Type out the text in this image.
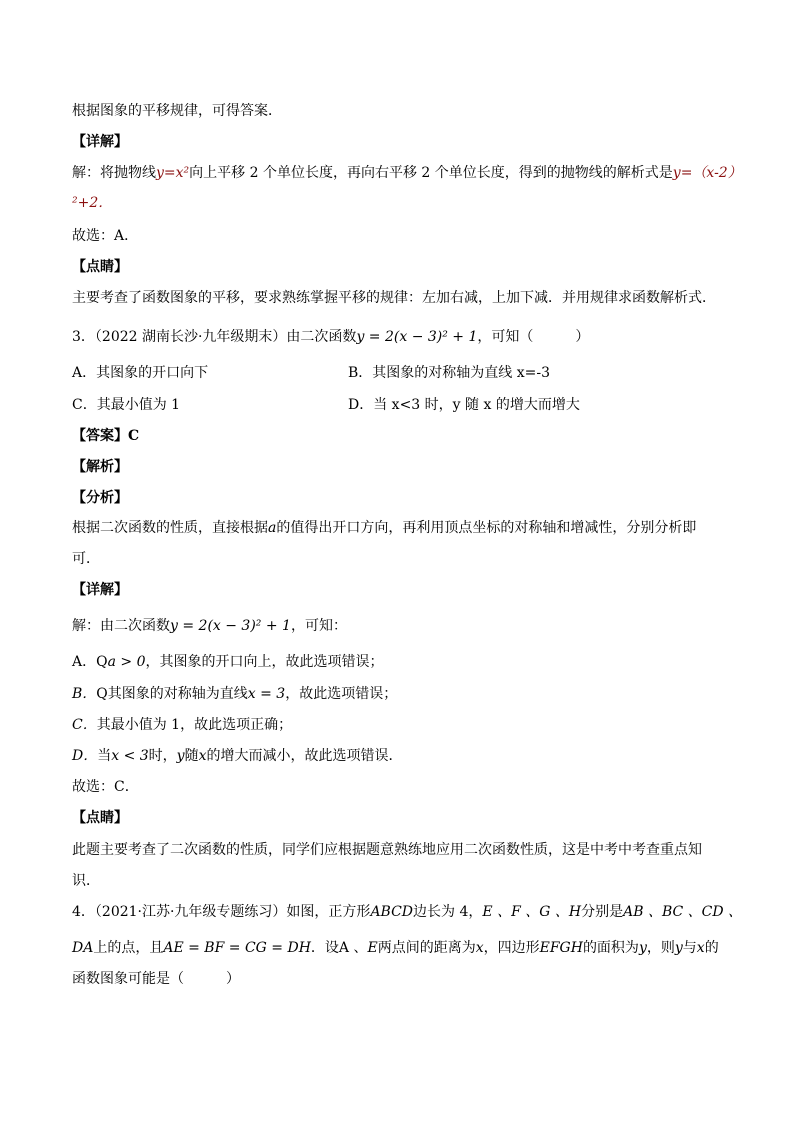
根据图象的平移规律，可得答案．
【详解】
解：将抛物线y=x²向上平移 2 个单位长度，再向右平移 2 个单位长度，得到的抛物线的解析式是y=（x-2）
²+2．
故选：A．
【点睛】
主要考查了函数图象的平移，要求熟练掌握平移的规律：左加右减，上加下减．并用规律求函数解析式．
3．（2022 湖南长沙·九年级期末）由二次函数y = 2(x − 3)² + 1，可知（　　　）
A．其图象的开口向下	B．其图象的对称轴为直线 x=-3
C．其最小值为 1	D．当 x<3 时，y 随 x 的增大而增大
【答案】C
【解析】
【分析】
根据二次函数的性质，直接根据a的值得出开口方向，再利用顶点坐标的对称轴和增减性，分别分析即
可．
【详解】
解：由二次函数y = 2(x − 3)² + 1，可知：
A．Qa > 0，其图象的开口向上，故此选项错误；
B．Q其图象的对称轴为直线x = 3，故此选项错误；
C．其最小值为 1，故此选项正确；
D．当x < 3时，y随x的增大而减小，故此选项错误．
故选：C．
【点睛】
此题主要考查了二次函数的性质，同学们应根据题意熟练地应用二次函数性质，这是中考中考查重点知
识．
4．（2021·江苏·九年级专题练习）如图，正方形ABCD边长为 4，E 、F 、G 、H分别是AB 、BC 、CD 、
DA上的点，且AE = BF = CG = DH．设A 、E两点间的距离为x，四边形EFGH的面积为y，则y与x的
函数图象可能是（　　　）
